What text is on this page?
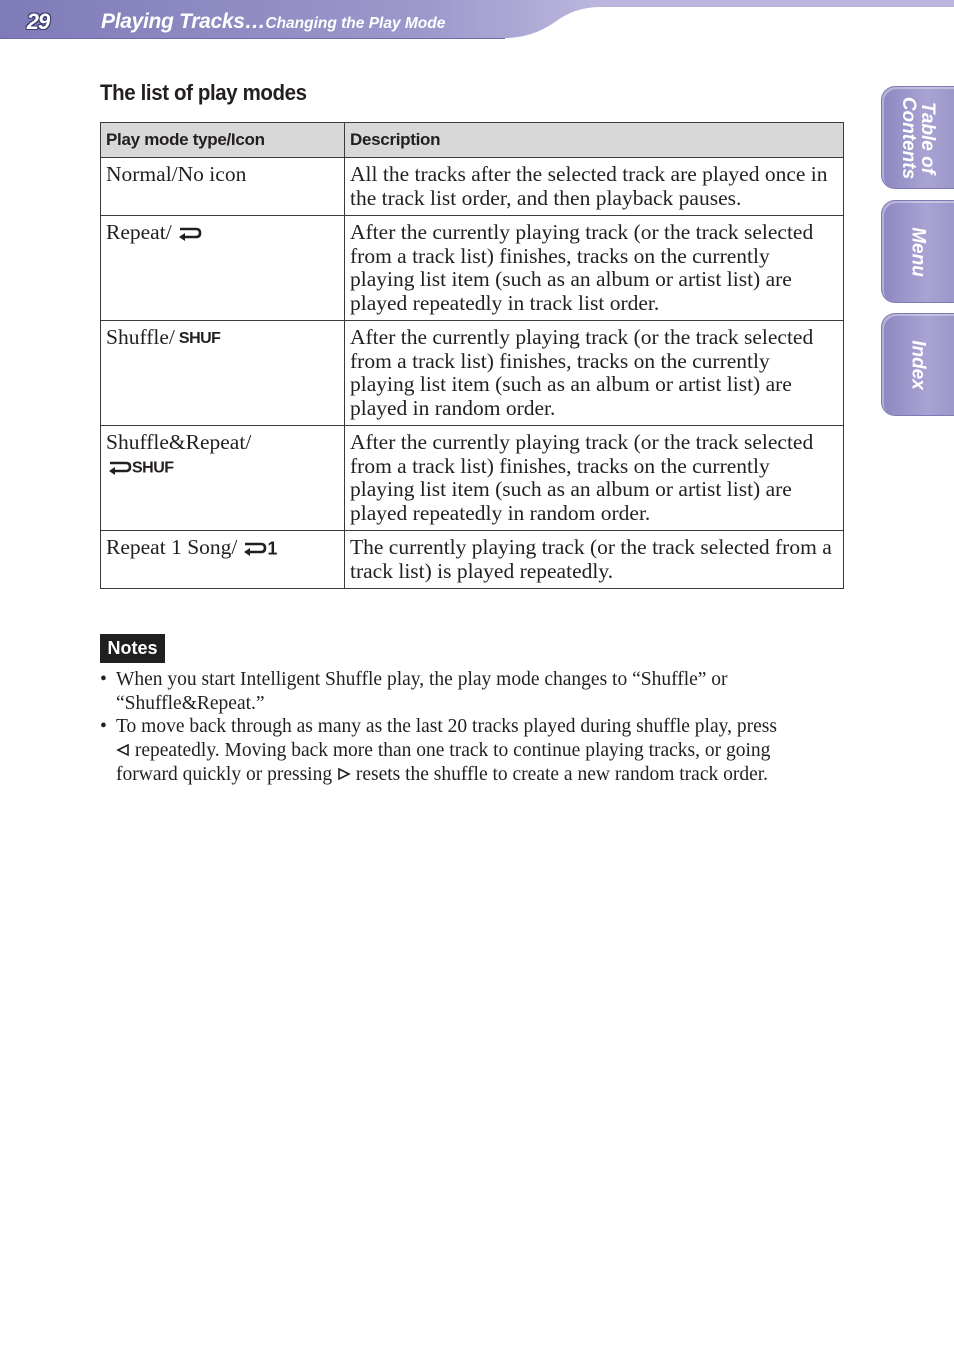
29 Playing Tracks…Changing the Play Mode
Table of
Contents
Menu
Index
The list of play modes
Play mode type/Icon	Description
Normal/No icon	All the tracks after the selected track are played once in the track list order, and then playback pauses.
Repeat/	After the currently playing track (or the track selected from a track list) finishes, tracks on the currently playing list item (such as an album or artist list) are played repeatedly in track list order.
Shuffle/ SHUF	After the currently playing track (or the track selected from a track list) finishes, tracks on the currently playing list item (such as an album or artist list) are played in random order.
Shuffle&Repeat/

SHUF	After the currently playing track (or the track selected from a track list) finishes, tracks on the currently playing list item (such as an album or artist list) are played repeatedly in random order.
Repeat 1 Song/ 1	The currently playing track (or the track selected from a track list) is played repeatedly.
Notes
• When you start Intelligent Shuffle play, the play mode changes to “Shuffle” or “Shuffle&Repeat.”
• To move back through as many as the last 20 tracks played during shuffle play, press
repeatedly. Moving back more than one track to continue playing tracks, or going forward quickly or pressing resets the shuffle to create a new random track order.
